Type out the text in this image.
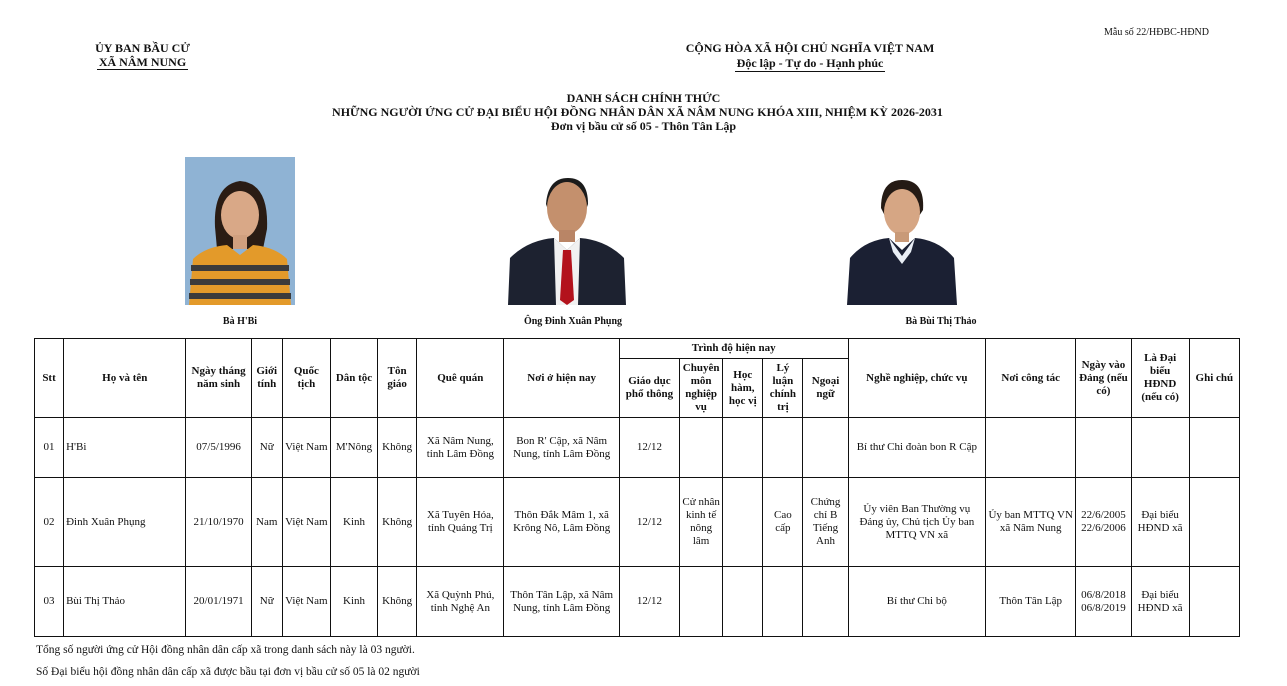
Mẫu số 22/HĐBC-HĐND
ỦY BAN BẦU CỬ
XÃ NÂM NUNG
CỘNG HÒA XÃ HỘI CHỦ NGHĨA VIỆT NAM
Độc lập - Tự do - Hạnh phúc
DANH SÁCH CHÍNH THỨC
NHỮNG NGƯỜI ỨNG CỬ ĐẠI BIỂU HỘI ĐỒNG NHÂN DÂN XÃ NÂM NUNG KHÓA XIII, NHIỆM KỲ 2026-2031
Đơn vị bầu cử số 05 - Thôn Tân Lập
Bà H'Bi	Ông Đinh Xuân Phụng	Bà Bùi Thị Thảo
Stt	Họ và tên	Ngày tháng năm sinh	Giới tính	Quốc tịch	Dân tộc	Tôn giáo	Quê quán	Nơi ở hiện nay	Trình độ hiện nay					Nghề nghiệp, chức vụ	Nơi công tác	Ngày vào Đảng (nếu có)	Là Đại biểu HĐND (nếu có)	Ghi chú
									Giáo dục phổ thông	Chuyên môn nghiệp vụ	Học hàm, học vị	Lý luận chính trị	Ngoại ngữ					
01	H'Bi	07/5/1996	Nữ	Việt Nam	M'Nông	Không	Xã Nâm Nung, tỉnh Lâm Đồng	Bon R' Cập, xã Nâm Nung, tỉnh Lâm Đồng	12/12					Bí thư Chi đoàn bon R Cập				
02	Đinh Xuân Phụng	21/10/1970	Nam	Việt Nam	Kinh	Không	Xã Tuyên Hóa, tỉnh Quảng Trị	Thôn Đắk Mâm 1, xã Krông Nô, Lâm Đồng	12/12	Cử nhân kinh tế nông lâm		Cao cấp	Chứng chỉ B Tiếng Anh	Ủy viên Ban Thường vụ Đảng ủy, Chủ tịch Ủy ban MTTQ VN xã	Ủy ban MTTQ VN xã Nâm Nung	22/6/2005 22/6/2006	Đại biểu HĐND xã	
03	Bùi Thị Thảo	20/01/1971	Nữ	Việt Nam	Kinh	Không	Xã Quỳnh Phú, tỉnh Nghệ An	Thôn Tân Lập, xã Nâm Nung, tỉnh Lâm Đồng	12/12					Bí thư Chi bộ	Thôn Tân Lập	06/8/2018 06/8/2019	Đại biểu HĐND xã	
Tổng số người ứng cử Hội đồng nhân dân cấp xã trong danh sách này là 03 người.
Số Đại biểu hội đồng nhân dân cấp xã được bầu tại đơn vị bầu cử số 05 là 02 người
